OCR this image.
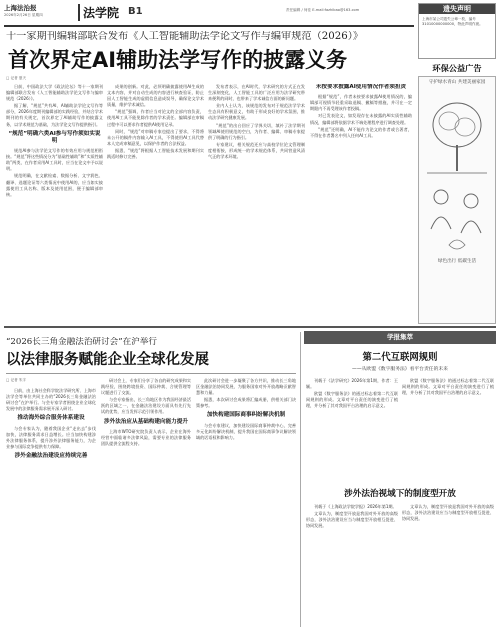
上海法治报
2026年2月26日 星期四	B1
法学院	责任编辑 / 何佳 E-mail:fazhibao@163.com
十一家期刊编辑部联合发布《人工智能辅助法学论文写作与编审规范（2026）》
首次界定AI辅助法学写作的披露义务
□ 记者 夏天

日前，中国政法大学《政法论坛》等十一家期刊编辑部联合发布《人工智能辅助法学论文写作与编审规范（2026）》。

据了解，“规范”共有AI、AI辅助法学论文写作等部分，2026年度期刊编辑部的实践经验，并结合学术期刊的有关规定，首次界定了AI辅助写作的披露义务，以学术规范为基础，为法学论文写作提供指引。

“规范”明确六类AI参与写作须如实说明

规范AI参与法学论文写作的有效应用与规范相衔接。“规范”将这些情况分为“基础性辅助”和“实质性辅助”两类，在作者采用AI工具时，应当在论文中予以说明。

规范明确，在文献检索、数据分析、文字润色、翻译、选题论证等六类情况中使用AI的，应当如实披露使用工具名称、版本及使用范围，便于编辑部审核。

成果的创新。对此，必须明确披露使用AI生成的文本内容，并对自动生成的内容进行核查验证，防止因人工智能生成的虚假信息造成误导，确保论文学术质量，维护学术诚信。

“规范”强调，作者应当对论文的全部内容负责，使用AI工具不能免除作者的学术责任。编辑部在审稿过程中可以要求作者提供AI使用记录。

同时，“规范”对审稿专家也提出了要求，不得将未公开的稿件内容输入AI工具，不得使用AI工具代替本人完成审稿意见，以保护作者的合法权益。

据悉，“规范”将根据人工智能技术发展和期刊实践适时修订完善。

发布者表示，在AI时代，学术研究的方式正在发生深刻变化，人工智能工具的广泛应用为法学研究带来便利的同时，也带来了学术诚信方面的新问题。

业内人士认为，该规范的发布对于规范法学学术生态具有积极意义，有助于形成良好的学术氛围，推动法学研究健康发展。

“规范”的出台回应了学界关切，填补了法学期刊领域AI使用规范的空白，为作者、编辑、审稿专家提供了明确的行为指引。

专家建议，相关规范还应与高校学位论文管理制度相衔接，形成统一的学术规范体系，共同营造风清气正的学术环境。

未按要求披露AI使用情况作者须担责

根据“规范”，作者未按要求披露AI使用情况的，编辑部可视情节轻重采取退稿、撤稿等措施，并可在一定期限内不再受理该作者投稿。

对已发表论文，如发现存在未披露的AI实质性辅助情况，编辑部将依据学术不端处理程序进行调查处理。

“规范”还明确，AI不能作为论文的作者或合著者，不得在作者署名中列入任何AI工具。

遗失声明
上海市某公司遗失公章一枚，编号31010000000000，特此声明作废。
环保公益广告
守护绿水青山 共建美丽家园
绿色出行 低碳生活
“2026长三角金融法治研讨会”在沪举行
以法律服务赋能企业全球化发展
□ 记者 朱宇

日前，由上海社会科学院法学研究所、上海市法学会等单位共同主办的“2026长三角金融法治研讨会”在沪举行。与会专家学者围绕企业全球化发展中的法律服务需求展开深入研讨。

推动海外综合服务体系建设

与会专家认为，随着我国企业“走出去”步伐加快，法律服务需求日益增长。应当加快构建涉外法律服务体系，提升涉外法律服务能力，为企业参与国际竞争提供有力保障。

涉外金融法治建设应持续完善

研讨会上，专家们分享了各自的研究成果和实践经验，围绕跨境投资、国际仲裁、合规管理等议题进行了交流。

与会专家指出，长三角地区作为我国经济最活跃的区域之一，在金融法治建设方面具有先行先试的优势，应当发挥示范引领作用。

涉外法治应从基础构建向能力提升

上海市WTO研究院负责人表示，企业在海外经营中面临诸多法律风险，需要专业的法律服务团队提供全流程支持。

此次研讨会进一步凝聚了各方共识，推动长三角地区金融法治协同发展，为服务国家对外开放战略贡献智慧和力量。

据悉，本次研讨会成果将汇编成册，供相关部门决策参考。

加快构建国际商事纠纷解决机制

与会专家建议，加快建设国际商事仲裁中心，完善多元化纠纷解决机制，提升我国在国际商事争议解决领域的话语权和影响力。

学报集萃
第二代互联网规则
——从欧盟《数字服务法》看平台责任的未来

刊载于《法学研究》2026年第1期，作者：王颖。

欧盟《数字服务法》的通过标志着第二代互联网规则的形成。文章对平台责任的演变进行了梳理，并分析了其对我国平台治理的启示意义。

欧盟《数字服务法》的通过标志着第二代互联网规则的形成。文章对平台责任的演变进行了梳理，并分析了其对我国平台治理的启示意义。

涉外法治视域下的制度型开放

刊载于《上海政法学院学报》2026年第1期。

文章认为，制度型开放是我国对外开放的高级形态，涉外法治建设应当与制度型开放相互促进、协同发展。

文章认为，制度型开放是我国对外开放的高级形态，涉外法治建设应当与制度型开放相互促进、协同发展。
